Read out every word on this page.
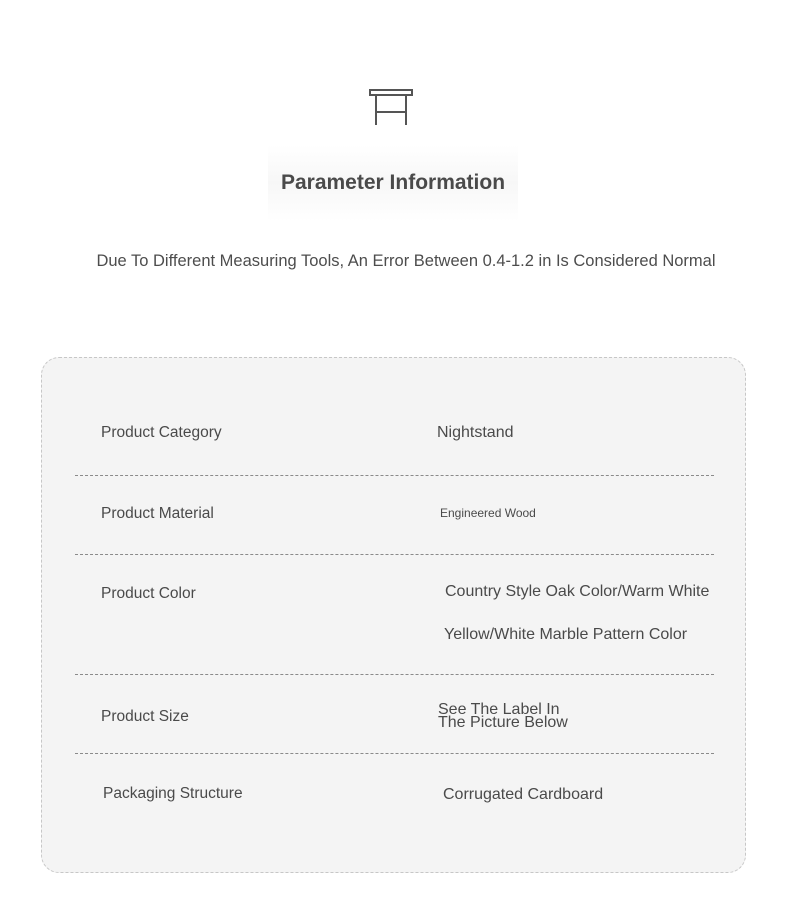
Parameter Information
Due To Different Measuring Tools, An Error Between 0.4-1.2 in Is Considered Normal
Product Category	Nightstand
Product Material	Engineered Wood
Product Color	Country Style Oak Color/Warm White
Yellow/White Marble Pattern Color
Product Size	See The Label In
The Picture Below
Packaging Structure	Corrugated Cardboard
